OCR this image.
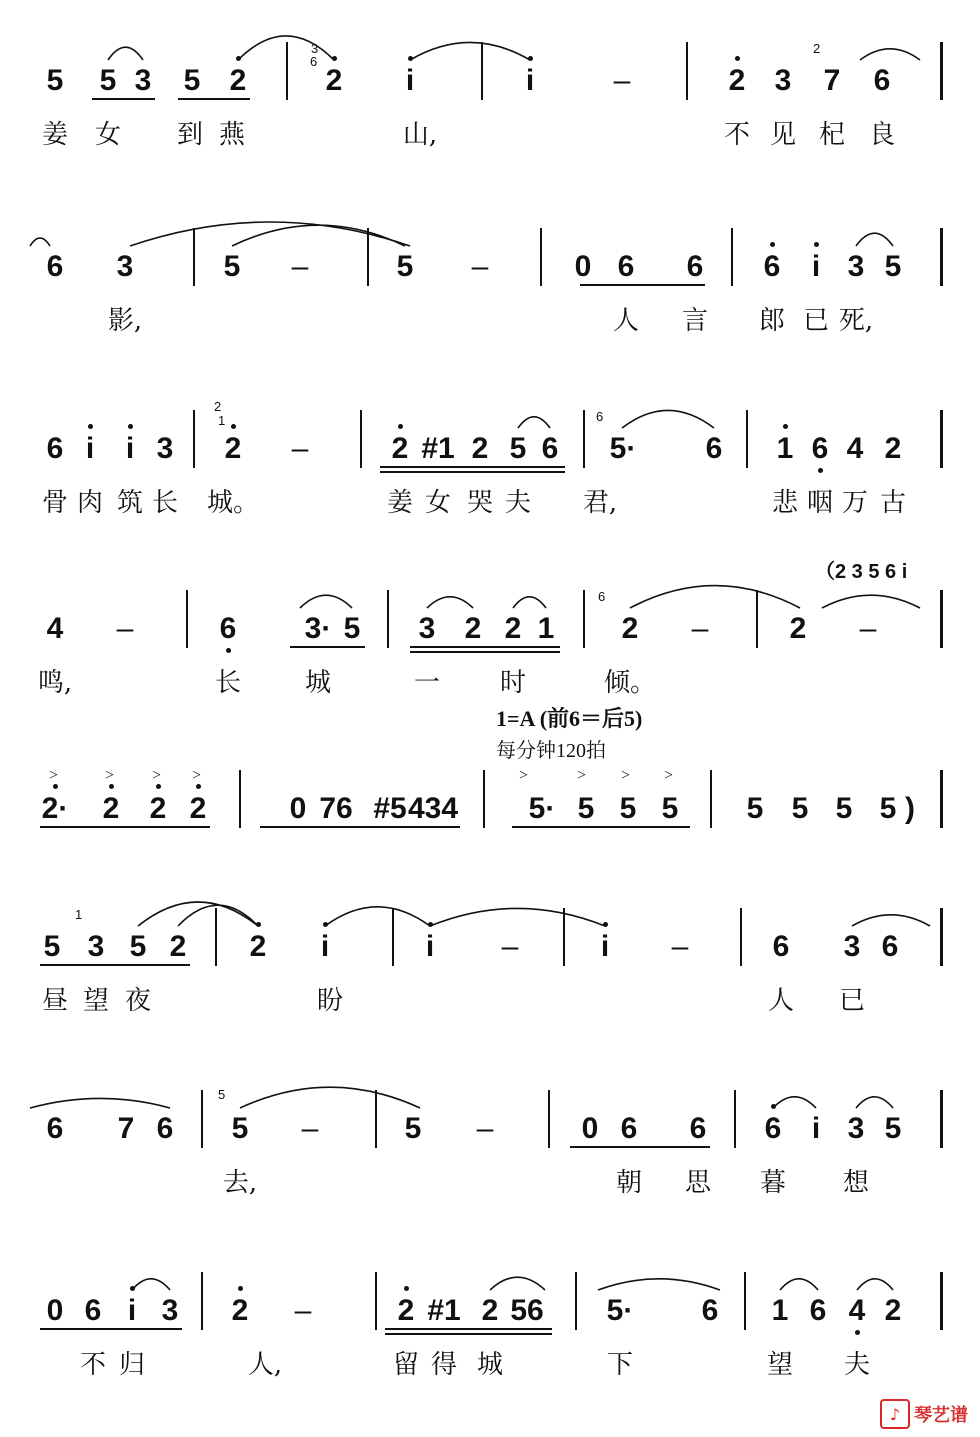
5 5 3 5 2	2 i	i	–	2 3 7 6
姜 女 到 燕	山,	不 见 杞 良
6 3	5 –	5 –	0 6 6 6 i 3 5
影,	人 言 郎 已 死,
6 i i 3 2 –	2 #1 2 5 6 5· 6 1 6 4 2
骨 肉 筑 长 城。	姜 女 哭 夫 君,	悲 咽 万 古
4 –	6 3· 5 3 2 2 1 2 –	2 –
鸣,	长 城	一 时	倾。
（2 3 5 6 i
2· 2 2 2	0 76 #5 434 5· 5 5 5 5 5 5 5 )
5 3 5 2 2 i	i –	i –	6 3 6
昼 望 夜	盼	人 已
6 7 6 5 –	5 –	0 6 6 6 i 3 5
去,	朝 思 暮 想
0 6 i 3 2 –	2 #1 2 56 5· 6 1 6 4 2
不 归	人,	留 得 城	下	望 夫
3	2
2
1	6
6
1
5
6
1=A (前6＝后5)
每分钟120拍
>	> > >	>	> > >
♪ 琴艺谱
